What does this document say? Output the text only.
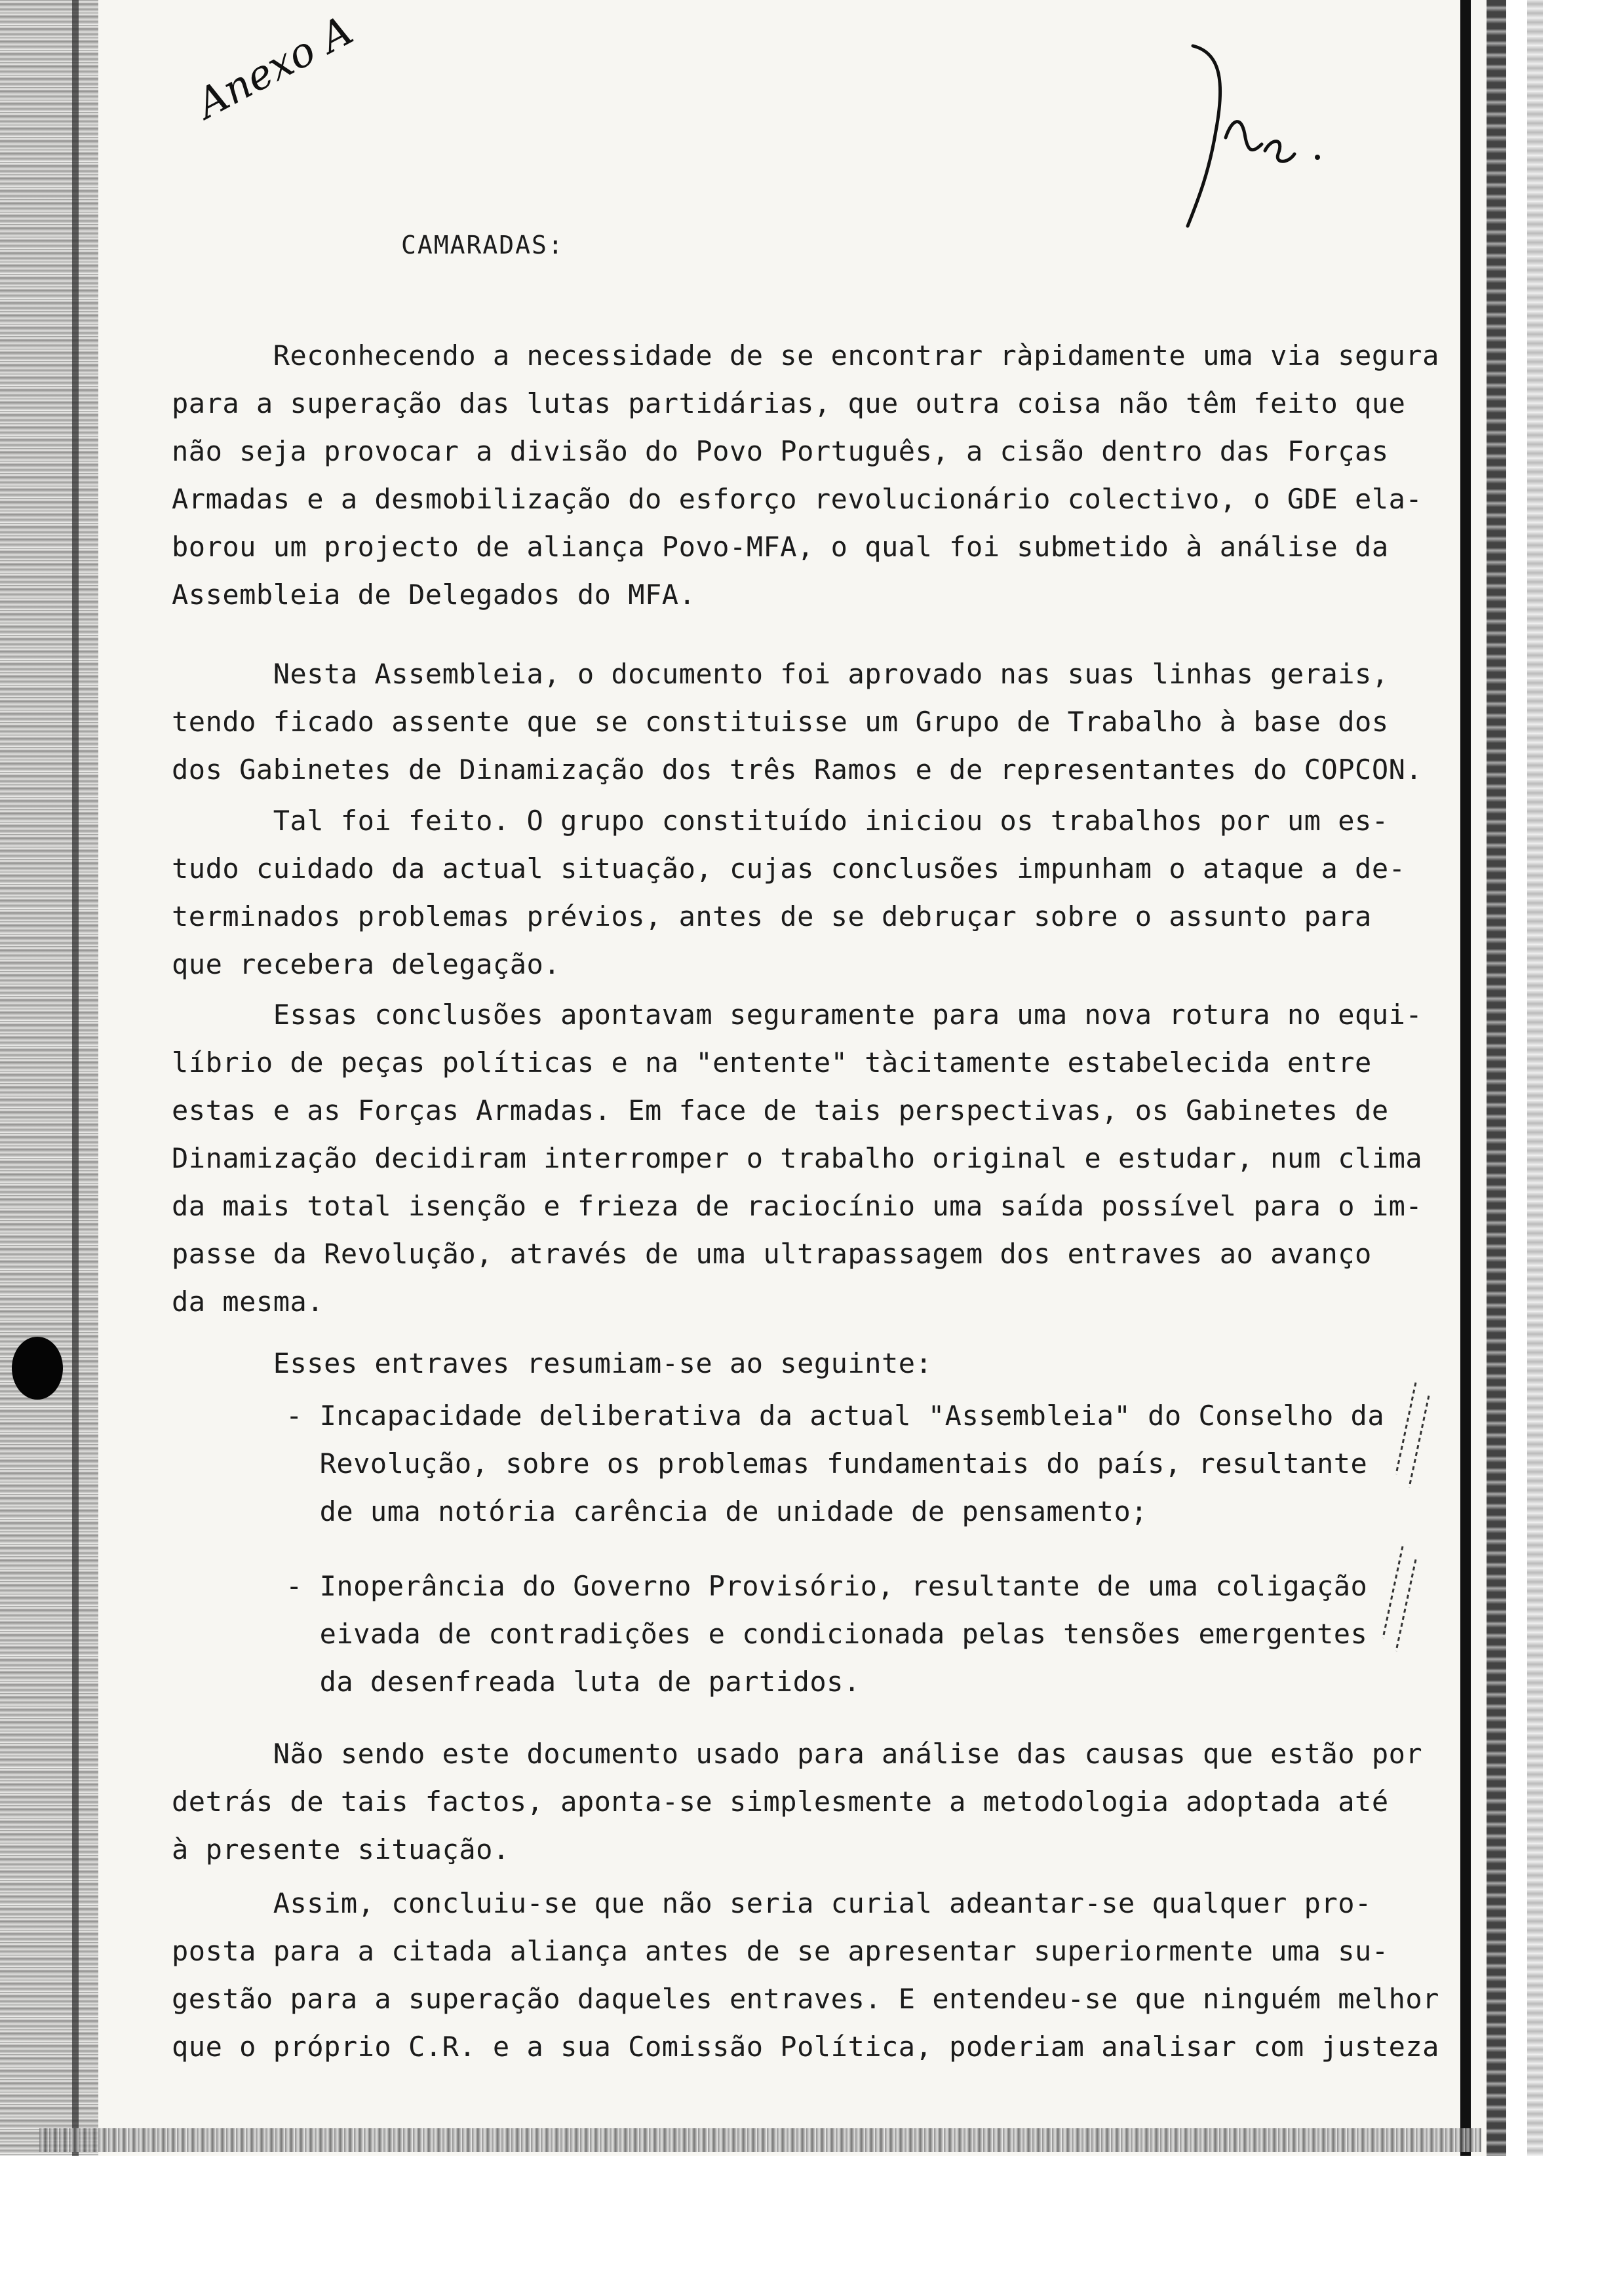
Anexo A
CAMARADAS:
Reconhecendo a necessidade de se encontrar ràpidamente uma via segura
para a superação das lutas partidárias, que outra coisa não têm feito que
não seja provocar a divisão do Povo Português, a cisão dentro das Forças
Armadas e a desmobilização do esforço revolucionário colectivo, o GDE ela-
borou um projecto de aliança Povo-MFA, o qual foi submetido à análise da
Assembleia de Delegados do MFA.
Nesta Assembleia, o documento foi aprovado nas suas linhas gerais,
tendo ficado assente que se constituisse um Grupo de Trabalho à base dos
dos Gabinetes de Dinamização dos três Ramos e de representantes do COPCON.
Tal foi feito. O grupo constituído iniciou os trabalhos por um es-
tudo cuidado da actual situação, cujas conclusões impunham o ataque a de-
terminados problemas prévios, antes de se debruçar sobre o assunto para
que recebera delegação.
Essas conclusões apontavam seguramente para uma nova rotura no equi-
líbrio de peças políticas e na "entente" tàcitamente estabelecida entre
estas e as Forças Armadas. Em face de tais perspectivas, os Gabinetes de
Dinamização decidiram interromper o trabalho original e estudar, num clima
da mais total isenção e frieza de raciocínio uma saída possível para o im-
passe da Revolução, através de uma ultrapassagem dos entraves ao avanço
da mesma.
Esses entraves resumiam-se ao seguinte:
- Incapacidade deliberativa da actual "Assembleia" do Conselho da
Revolução, sobre os problemas fundamentais do país, resultante
de uma notória carência de unidade de pensamento;
- Inoperância do Governo Provisório, resultante de uma coligação
eivada de contradições e condicionada pelas tensões emergentes
da desenfreada luta de partidos.
Não sendo este documento usado para análise das causas que estão por
detrás de tais factos, aponta-se simplesmente a metodologia adoptada até
à presente situação.
Assim, concluiu-se que não seria curial adeantar-se qualquer pro-
posta para a citada aliança antes de se apresentar superiormente uma su-
gestão para a superação daqueles entraves. E entendeu-se que ninguém melhor
que o próprio C.R. e a sua Comissão Política, poderiam analisar com justeza
